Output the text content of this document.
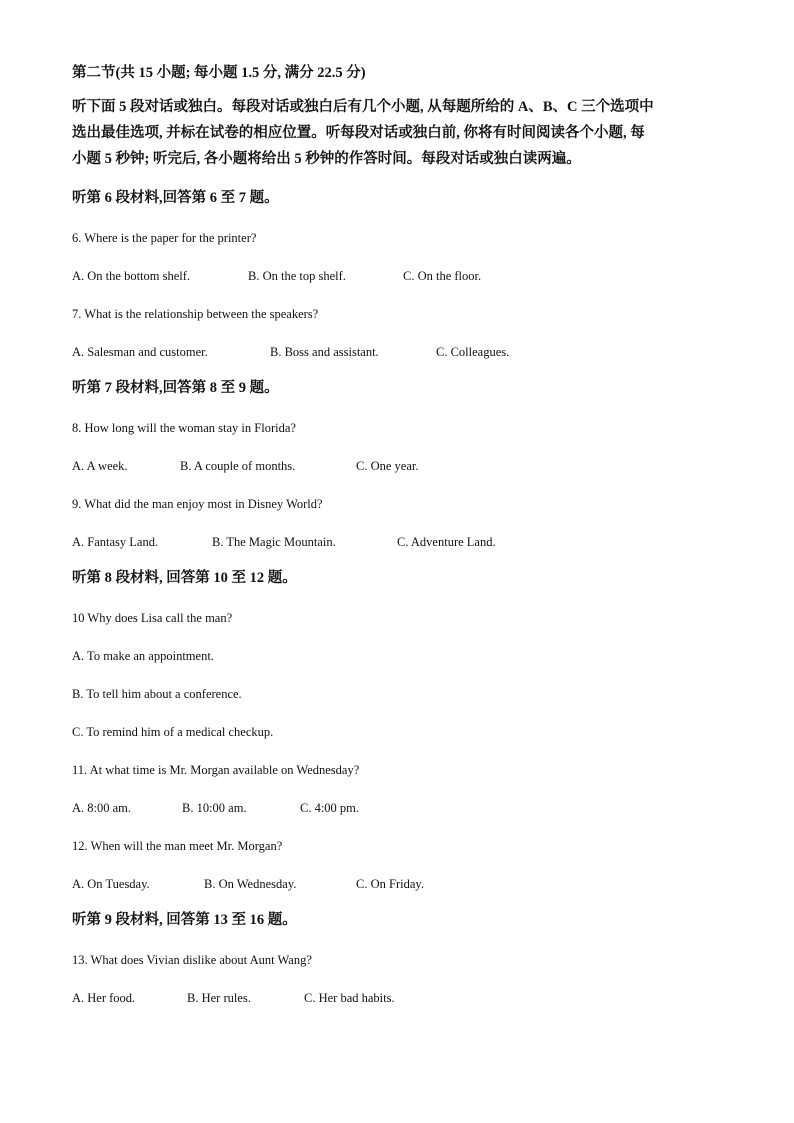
第二节(共 15 小题; 每小题 1.5 分, 满分 22.5 分)

听下面 5 段对话或独白。每段对话或独白后有几个小题, 从每题所给的 A、B、C 三个选项中
选出最佳选项, 并标在试卷的相应位置。听每段对话或独白前, 你将有时间阅读各个小题, 每
小题 5 秒钟; 听完后, 各小题将给出 5 秒钟的作答时间。每段对话或独白读两遍。

听第 6 段材料,回答第 6 至 7 题。

6. Where is the paper for the printer?

A. On the bottom shelf.	B. On the top shelf.	C. On the floor.

7. What is the relationship between the speakers?

A. Salesman and customer.	B. Boss and assistant.	C. Colleagues.

听第 7 段材料,回答第 8 至 9 题。

8. How long will the woman stay in Florida?

A. A week.	B. A couple of months.	C. One year.

9. What did the man enjoy most in Disney World?

A. Fantasy Land.	B. The Magic Mountain.	C. Adventure Land.

听第 8 段材料, 回答第 10 至 12 题。

10 Why does Lisa call the man?

A. To make an appointment.

B. To tell him about a conference.

C. To remind him of a medical checkup.

11. At what time is Mr. Morgan available on Wednesday?

A. 8:00 am.	B. 10:00 am.	C. 4:00 pm.

12. When will the man meet Mr. Morgan?

A. On Tuesday.	B. On Wednesday.	C. On Friday.

听第 9 段材料, 回答第 13 至 16 题。

13. What does Vivian dislike about Aunt Wang?

A. Her food.	B. Her rules.	C. Her bad habits.
